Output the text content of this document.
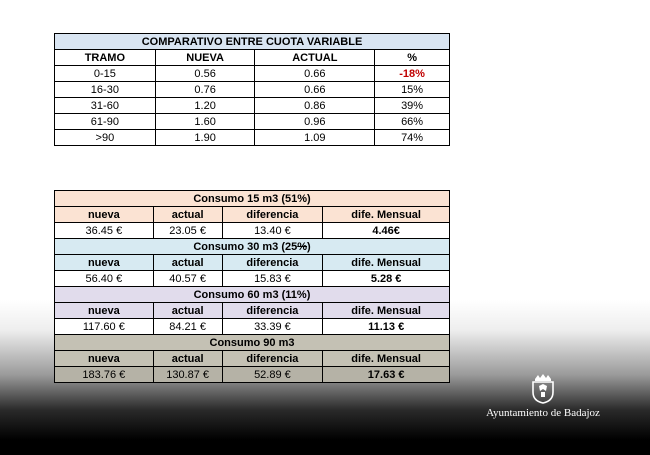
COMPARATIVO ENTRE CUOTA VARIABLE			
TRAMO	NUEVA	ACTUAL	%
0-15	0.56	0.66	-18%
16-30	0.76	0.66	15%
31-60	1.20	0.86	39%
61-90	1.60	0.96	66%
>90	1.90	1.09	74%
Consumo 15 m3 (51%)			
nueva	actual	diferencia	dife. Mensual
36.45 €	23.05 €	13.40 €	4.46€
Consumo 30 m3 (25%)			
nueva	actual	diferencia	dife. Mensual
56.40 €	40.57 €	15.83 €	5.28 €
Consumo 60 m3 (11%)			
nueva	actual	diferencia	dife. Mensual
117.60 €	84.21 €	33.39 €	11.13 €
Consumo 90 m3			
nueva	actual	diferencia	dife. Mensual
183.76 €	130.87 €	52.89 €	17.63 €
Ayuntamiento de Badajoz
